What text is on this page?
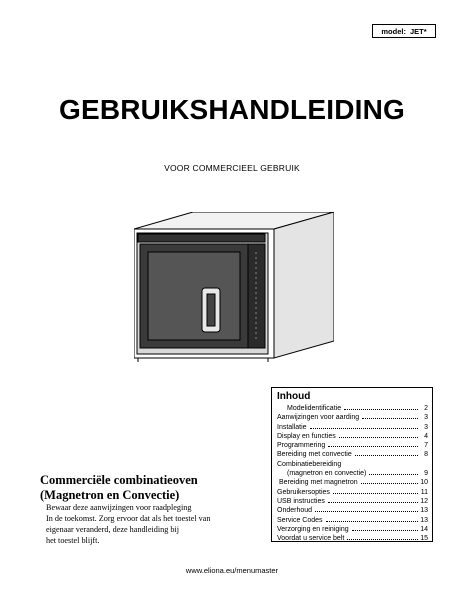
model: JET*
GEBRUIKSHANDLEIDING
VOOR COMMERCIEEL GEBRUIK
Commerciële combinatieoven
(Magnetron en Convectie)
Bewaar deze aanwijzingen voor raadpleging
In de toekomst. Zorg ervoor dat als het toestel van
eigenaar veranderd, deze handleiding bij
het toestel blijft.
Inhoud
Modelidentificatie	2
Aanwijzingen voor aarding	3
Installatie	3
Display en functies	4
Programmering	7
Bereiding met convectie	8
Combinatiebereiding
(magnetron en convectie)	9
Bereiding met magnetron	10
Gebruikersopties	11
USB instructies	12
Onderhoud	13
Service Codes	13
Verzorging en reiniging	14
Voordat u service belt	15
www.eliona.eu/menumaster
